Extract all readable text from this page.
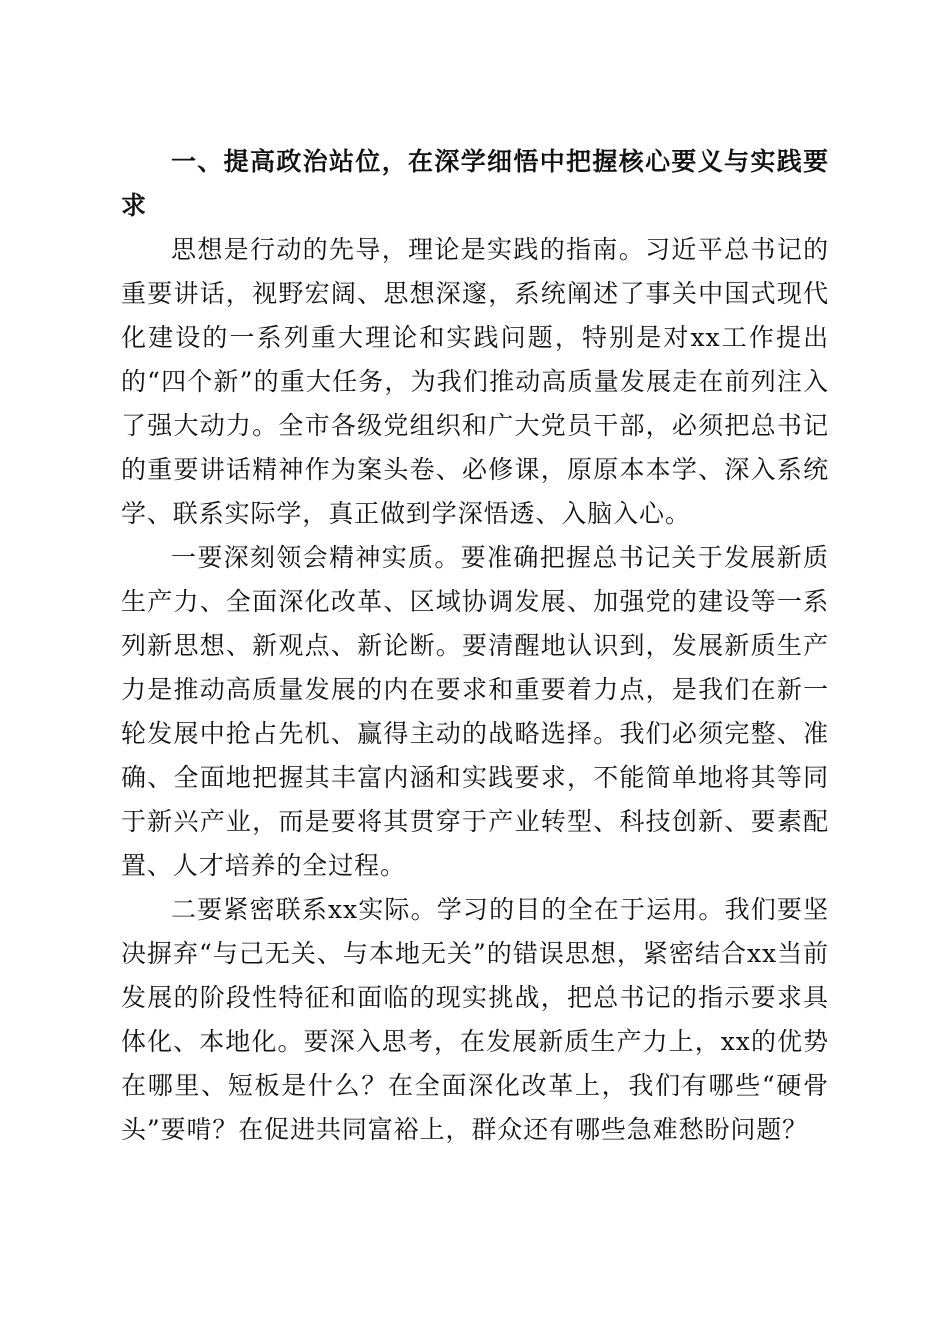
一、提高政治站位，在深学细悟中把握核心要义与实践要求

思想是行动的先导，理论是实践的指南。习近平总书记的重要讲话，视野宏阔、思想深邃，系统阐述了事关中国式现代化建设的一系列重大理论和实践问题，特别是对xx工作提出的“四个新”的重大任务，为我们推动高质量发展走在前列注入了强大动力。全市各级党组织和广大党员干部，必须把总书记的重要讲话精神作为案头卷、必修课，原原本本学、深入系统学、联系实际学，真正做到学深悟透、入脑入心。

一要深刻领会精神实质。要准确把握总书记关于发展新质生产力、全面深化改革、区域协调发展、加强党的建设等一系列新思想、新观点、新论断。要清醒地认识到，发展新质生产力是推动高质量发展的内在要求和重要着力点，是我们在新一轮发展中抢占先机、赢得主动的战略选择。我们必须完整、准确、全面地把握其丰富内涵和实践要求，不能简单地将其等同于新兴产业，而是要将其贯穿于产业转型、科技创新、要素配置、人才培养的全过程。

二要紧密联系xx实际。学习的目的全在于运用。我们要坚决摒弃“与己无关、与本地无关”的错误思想，紧密结合xx当前发展的阶段性特征和面临的现实挑战，把总书记的指示要求具体化、本地化。要深入思考，在发展新质生产力上，xx的优势在哪里、短板是什么？在全面深化改革上，我们有哪些“硬骨头”要啃？在促进共同富裕上，群众还有哪些急难愁盼问题？
